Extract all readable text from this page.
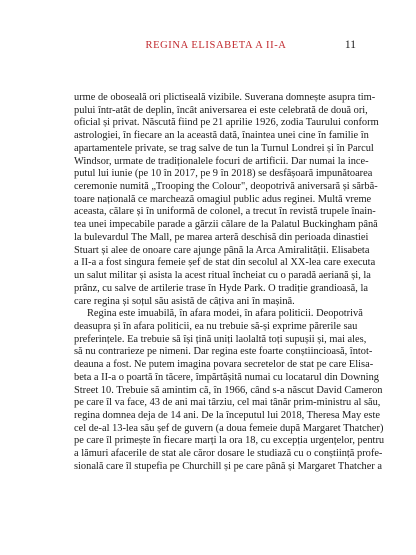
REGINA ELISABETA A II-A	11
urme de oboseală ori plictiseală vizibile. Suverana domnește asupra tim-
pului într-atât de deplin, încât aniversarea ei este celebrată de două ori,
oficial și privat. Născută fiind pe 21 aprilie 1926, zodia Taurului conform
astrologiei, în fiecare an la această dată, înaintea unei cine în familie în
apartamentele private, se trag salve de tun la Turnul Londrei și în Parcul
Windsor, urmate de tradiționalele focuri de artificii. Dar numai la ince-
putul lui iunie (pe 10 în 2017, pe 9 în 2018) se desfășoară impunătoarea
ceremonie numită „Trooping the Colour", deopotrivă aniversară și sărbă-
toare națională ce marchează omagiul public adus reginei. Multă vreme
aceasta, călare și în uniformă de colonel, a trecut în revistă trupele înain-
tea unei impecabile parade a gărzii călare de la Palatul Buckingham până
la bulevardul The Mall, pe marea arteră deschisă din perioada dinastiei
Stuart și alee de onoare care ajunge până la Arca Amiralității. Elisabeta
a II-a a fost singura femeie șef de stat din secolul al XX-lea care executa
un salut militar și asista la acest ritual încheiat cu o paradă aeriană și, la
prânz, cu salve de artilerie trase în Hyde Park. O tradiție grandioasă, la
care regina și soțul său asistă de câțiva ani în mașină.
Regina este imuabilă, în afara modei, în afara politicii. Deopotrivă
deasupra și în afara politicii, ea nu trebuie să-și exprime părerile sau
preferințele. Ea trebuie să își țină uniți laolaltă toți supușii și, mai ales,
să nu contrarieze pe nimeni. Dar regina este foarte conștiincioasă, întot-
deauna a fost. Ne putem imagina povara secretelor de stat pe care Elisa-
beta a II-a o poartă în tăcere, împărtășită numai cu locatarul din Downing
Street 10. Trebuie să amintim că, în 1966, când s-a născut David Cameron
pe care îl va face, 43 de ani mai târziu, cel mai tânăr prim-ministru al său,
regina domnea deja de 14 ani. De la începutul lui 2018, Theresa May este
cel de-al 13-lea său șef de guvern (a doua femeie după Margaret Thatcher)
pe care îl primește în fiecare marți la ora 18, cu excepția urgențelor, pentru
a lămuri afacerile de stat ale căror dosare le studiază cu o conștiință profe-
sională care îl stupefia pe Churchill și pe care până și Margaret Thatcher a
